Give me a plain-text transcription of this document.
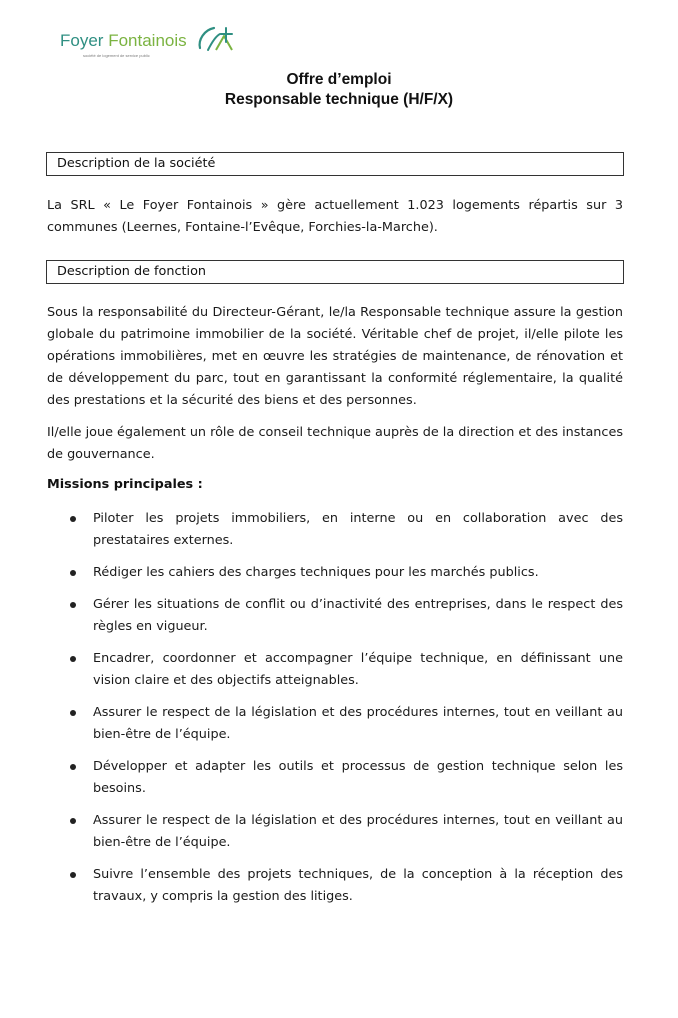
Foyer Fontainois
société de logement de service public
Offre d’emploi
Responsable technique (H/F/X)
Description de la société
La SRL « Le Foyer Fontainois » gère actuellement 1.023 logements répartis sur 3 communes (Leernes, Fontaine-l’Evêque, Forchies-la-Marche).
Description de fonction
Sous la responsabilité du Directeur-Gérant, le/la Responsable technique assure la gestion globale du patrimoine immobilier de la société. Véritable chef de projet, il/elle pilote les opérations immobilières, met en œuvre les stratégies de maintenance, de rénovation et de développement du parc, tout en garantissant la conformité réglementaire, la qualité des prestations et la sécurité des biens et des personnes.
Il/elle joue également un rôle de conseil technique auprès de la direction et des instances de gouvernance.
Missions principales :
Piloter les projets immobiliers, en interne ou en collaboration avec des prestataires externes.
Rédiger les cahiers des charges techniques pour les marchés publics.
Gérer les situations de conflit ou d’inactivité des entreprises, dans le respect des règles en vigueur.
Encadrer, coordonner et accompagner l’équipe technique, en définissant une vision claire et des objectifs atteignables.
Assurer le respect de la législation et des procédures internes, tout en veillant au bien-être de l’équipe.
Développer et adapter les outils et processus de gestion technique selon les besoins.
Assurer le respect de la législation et des procédures internes, tout en veillant au bien-être de l’équipe.
Suivre l’ensemble des projets techniques, de la conception à la réception des travaux, y compris la gestion des litiges.
